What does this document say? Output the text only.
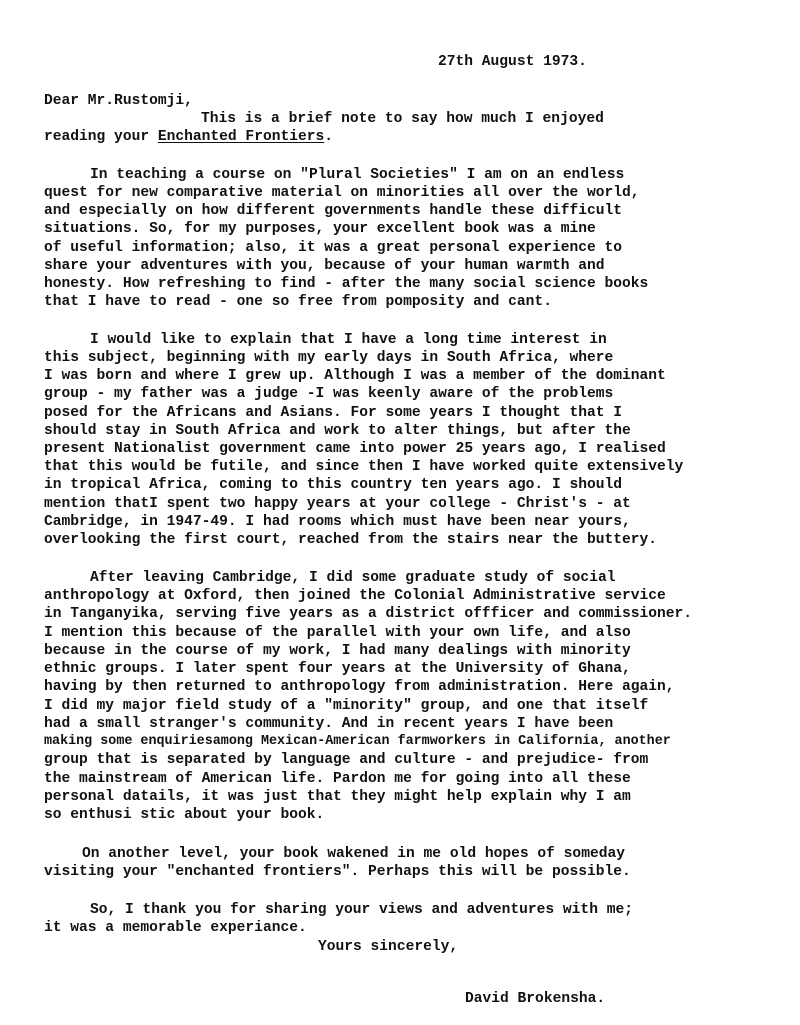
27th August 1973.
Dear Mr.Rustomji,
This is a brief note to say how much I enjoyed
reading your Enchanted Frontiers.
In teaching a course on "Plural Societies" I am on an endless
quest for new comparative material on minorities all over the world,
and especially on how different governments handle these difficult
situations. So, for my purposes, your excellent book was a mine
of useful information; also, it was a great personal experience to
share your adventures with you, because of your human warmth and
honesty. How refreshing to find - after the many social science books
that I have to read - one so free from pomposity and cant.
I would like to explain that I have a long time interest in
this subject, beginning with my early days in South Africa, where
I was born and where I grew up. Although I was a member of the dominant
group - my father was a judge -I was keenly aware of the problems
posed for the Africans and Asians. For some years I thought that I
should stay in South Africa and work to alter things, but after the
present Nationalist government came into power 25 years ago, I realised
that this would be futile, and since then I have worked quite extensively
in tropical Africa, coming to this country ten years ago. I should
mention thatI spent two happy years at your college - Christ's - at
Cambridge, in 1947-49. I had rooms which must have been near yours,
overlooking the first court, reached from the stairs near the buttery.
After leaving Cambridge, I did some graduate study of social
anthropology at Oxford, then joined the Colonial Administrative service
in Tanganyika, serving five years as a district offficer and commissioner.
I mention this because of the parallel with your own life, and also
because in the course of my work, I had many dealings with minority
ethnic groups. I later spent four years at the University of Ghana,
having by then returned to anthropology from administration. Here again,
I did my major field study of a "minority" group, and one that itself
had a small stranger's community. And in recent years I have been
making some enquiriesamong Mexican-American farmworkers in California, another
group that is separated by language and culture - and prejudice- from
the mainstream of American life. Pardon me for going into all these
personal datails, it was just that they might help explain why I am
so enthusi stic about your book.
On another level, your book wakened in me old hopes of someday
visiting your "enchanted frontiers". Perhaps this will be possible.
So, I thank you for sharing your views and adventures with me;
it was a memorable experiance.
Yours sincerely,
David Brokensha.
